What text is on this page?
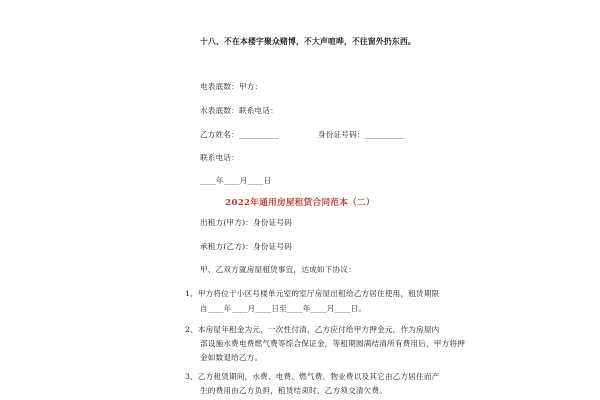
十八、不在本楼宇聚众赌博，不大声喧哗，不往窗外扔东西。
电表底数：甲方：
水表底数：联系电话：
乙方姓名：__________　　　　　身份证号码：__________
联系电话：
____年____月____日
2022年通用房屋租赁合同范本（二）
出租方(甲方)：身份证号码
承租方(乙方)：身份证号码
甲、乙双方就房屋租赁事宜，达成如下协议：
1、甲方将位于小区号楼单元室的室厅房屋出租给乙方居住使用，租赁期限
自____年____月____日至____年____月____日。
2、本房屋年租金为元，一次性付清，乙方应付给甲方押金元，作为房屋内
部设施水费电费燃气费等综合保证金，等租期圆满结清所有费用后，甲方将押
金如数退给乙方。
3、乙方租赁期间，水费、电费、燃气费、物业费以及其它由乙方居住而产
生的费用由乙方负担，租赁结束时，乙方须交清欠费。
